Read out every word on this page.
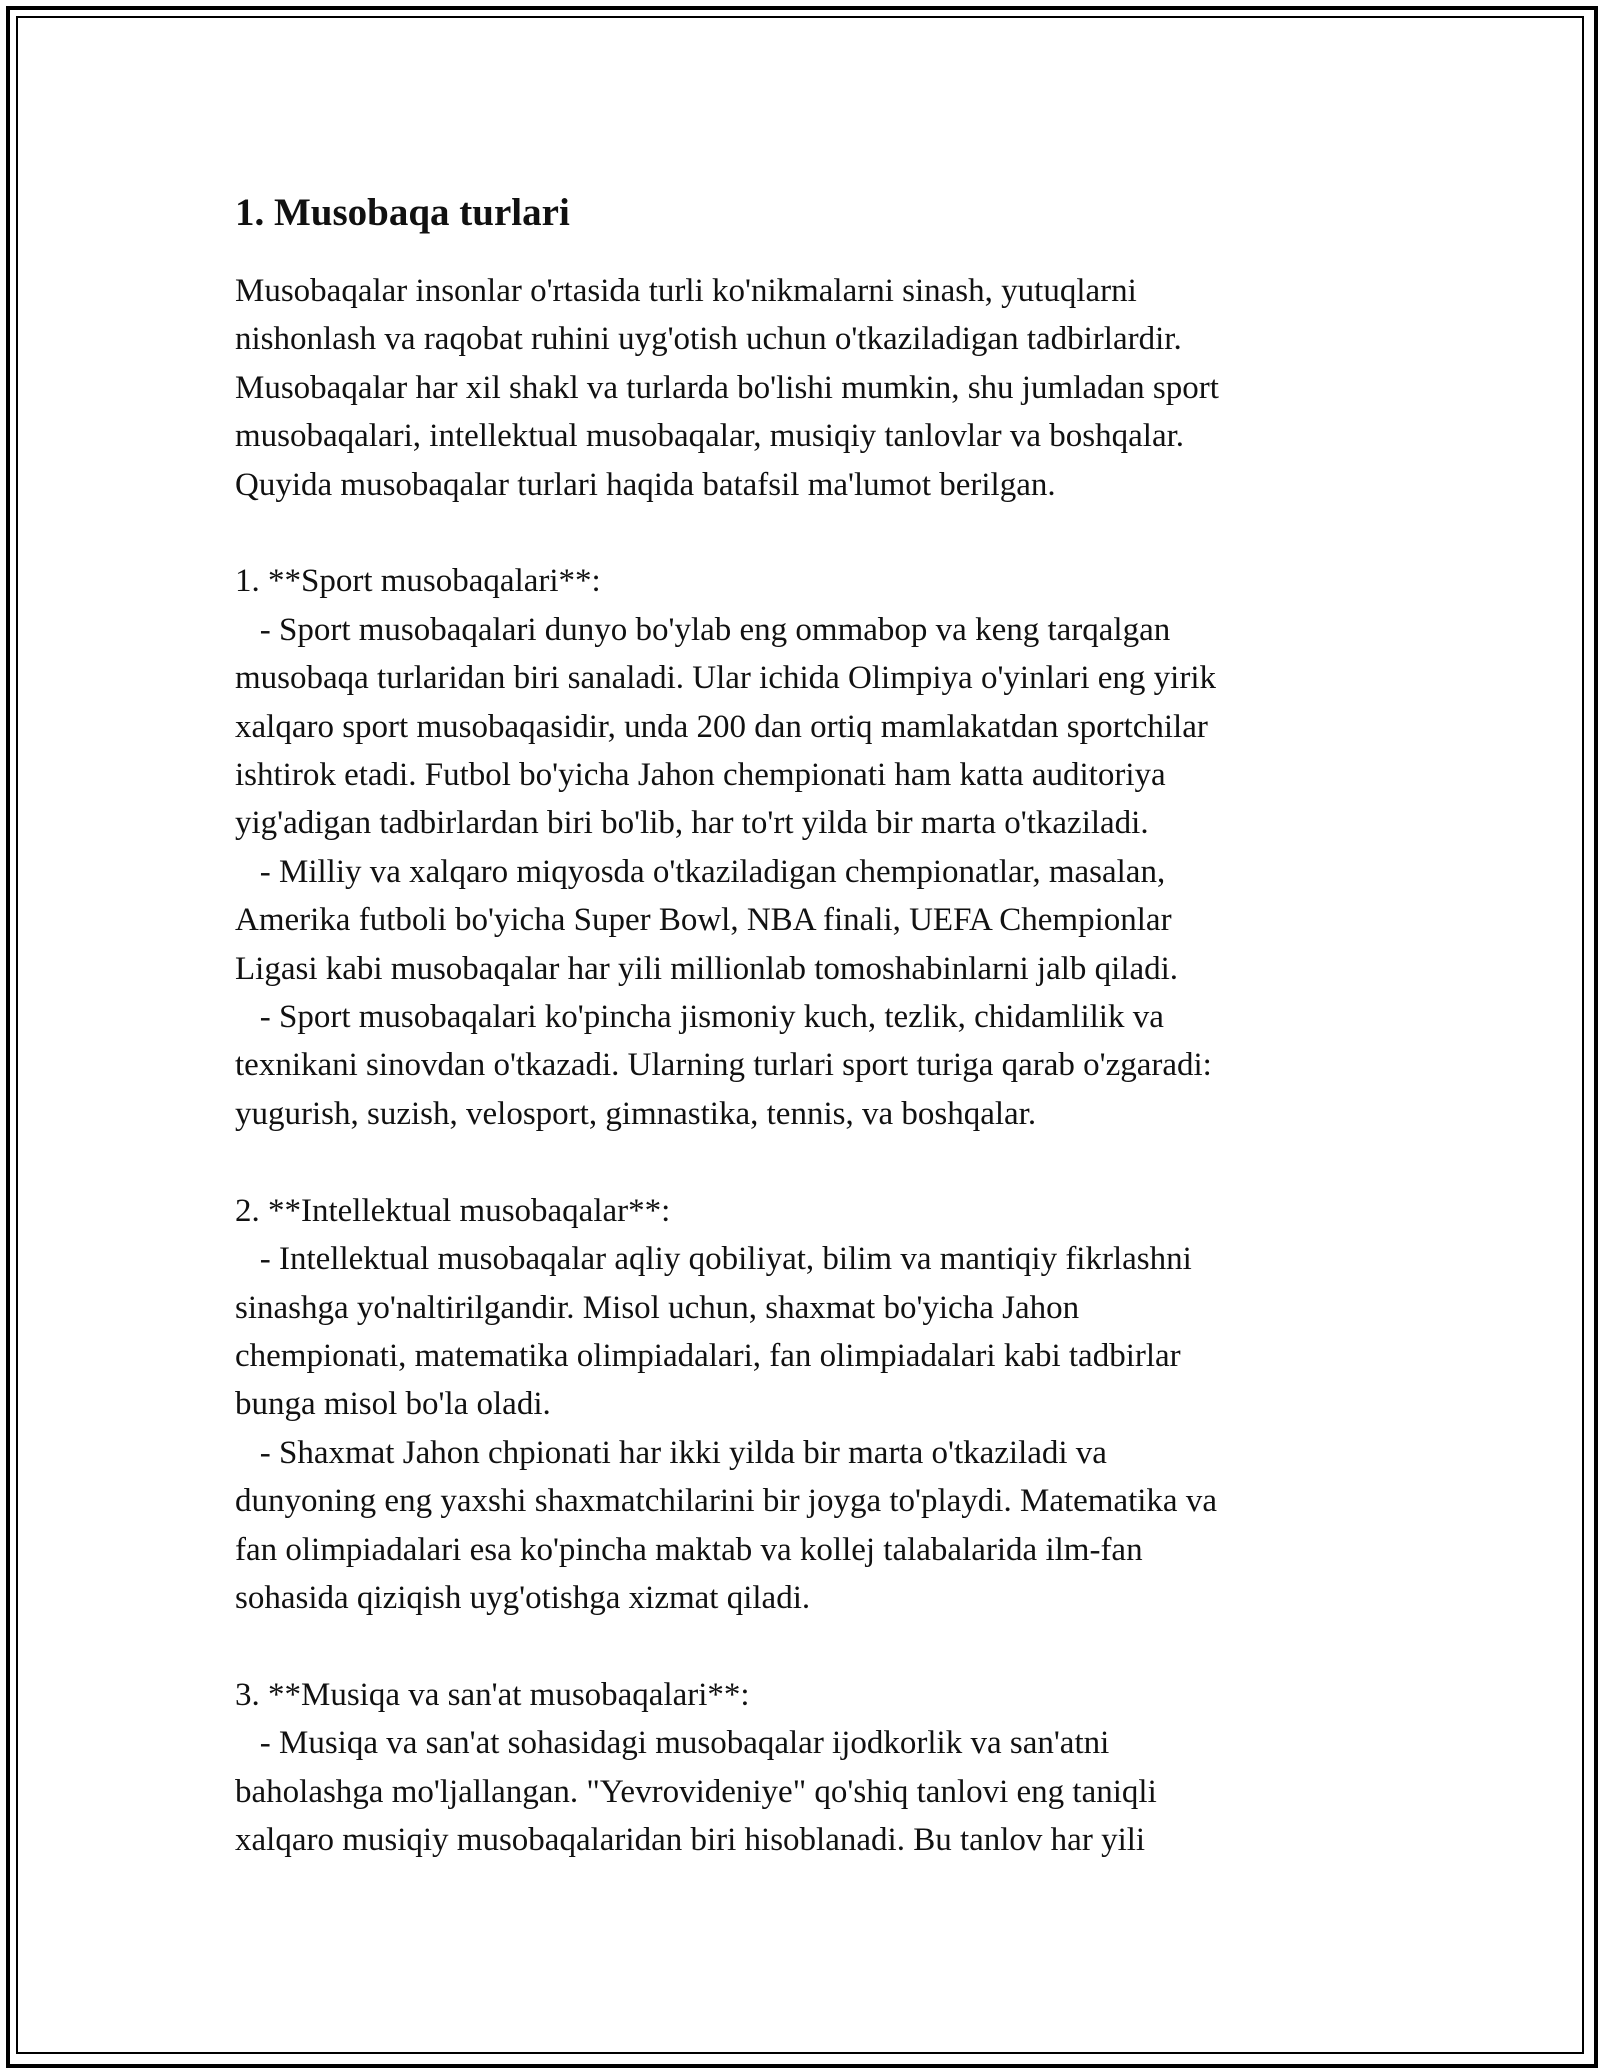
1. Musobaqa turlari

Musobaqalar insonlar o'rtasida turli ko'nikmalarni sinash, yutuqlarni
nishonlash va raqobat ruhini uyg'otish uchun o'tkaziladigan tadbirlardir.
Musobaqalar har xil shakl va turlarda bo'lishi mumkin, shu jumladan sport
musobaqalari, intellektual musobaqalar, musiqiy tanlovlar va boshqalar.
Quyida musobaqalar turlari haqida batafsil ma'lumot berilgan.

1. **Sport musobaqalari**:

- Sport musobaqalari dunyo bo'ylab eng ommabop va keng tarqalgan
musobaqa turlaridan biri sanaladi. Ular ichida Olimpiya o'yinlari eng yirik
xalqaro sport musobaqasidir, unda 200 dan ortiq mamlakatdan sportchilar
ishtirok etadi. Futbol bo'yicha Jahon chempionati ham katta auditoriya
yig'adigan tadbirlardan biri bo'lib, har to'rt yilda bir marta o'tkaziladi.

- Milliy va xalqaro miqyosda o'tkaziladigan chempionatlar, masalan,
Amerika futboli bo'yicha Super Bowl, NBA finali, UEFA Chempionlar
Ligasi kabi musobaqalar har yili millionlab tomoshabinlarni jalb qiladi.

- Sport musobaqalari ko'pincha jismoniy kuch, tezlik, chidamlilik va
texnikani sinovdan o'tkazadi. Ularning turlari sport turiga qarab o'zgaradi:
yugurish, suzish, velosport, gimnastika, tennis, va boshqalar.

2. **Intellektual musobaqalar**:

- Intellektual musobaqalar aqliy qobiliyat, bilim va mantiqiy fikrlashni
sinashga yo'naltirilgandir. Misol uchun, shaxmat bo'yicha Jahon
chempionati, matematika olimpiadalari, fan olimpiadalari kabi tadbirlar
bunga misol bo'la oladi.

- Shaxmat Jahon chpionati har ikki yilda bir marta o'tkaziladi va
dunyoning eng yaxshi shaxmatchilarini bir joyga to'playdi. Matematika va
fan olimpiadalari esa ko'pincha maktab va kollej talabalarida ilm-fan
sohasida qiziqish uyg'otishga xizmat qiladi.

3. **Musiqa va san'at musobaqalari**:

- Musiqa va san'at sohasidagi musobaqalar ijodkorlik va san'atni
baholashga mo'ljallangan. "Yevrovideniye" qo'shiq tanlovi eng taniqli
xalqaro musiqiy musobaqalaridan biri hisoblanadi. Bu tanlov har yili
